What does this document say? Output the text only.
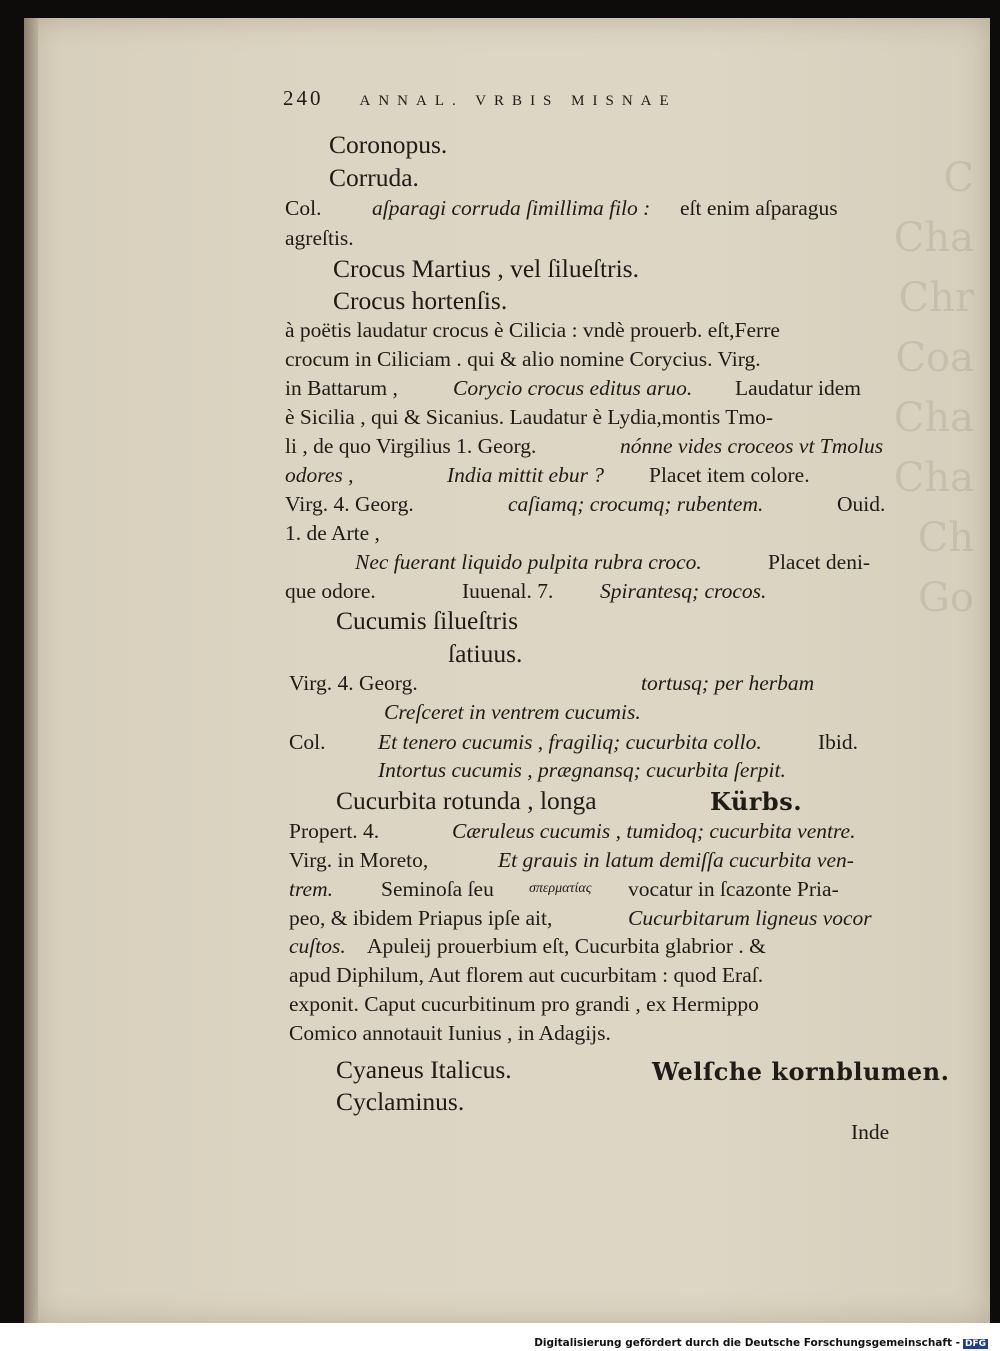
C
Cha
Chr
Coa
Cha
Cha
Ch
Go
240 ANNAL. VRBIS MISNAE
Coronopus.
Corruda.
Col. aſparagi corruda ſimillima filo : eſt enim aſparagus
agreſtis.
Crocus Martius , vel ſilueſtris.
Crocus hortenſis.
à poëtis laudatur crocus è Cilicia : vndè prouerb. eſt,Ferre
crocum in Ciliciam . qui & alio nomine Corycius. Virg.
in Battarum ,	Corycio crocus editus aruo. Laudatur idem
è Sicilia , qui & Sicanius. Laudatur è Lydia,montis Tmo-
li , de quo Virgilius 1. Georg.	nónne vides croceos vt Tmolus
odores ,	India mittit ebur ? Placet item colore.
Virg. 4. Georg.	caſiamq; crocumq; rubentem.	Ouid.
1. de Arte ,
Nec fuerant liquido pulpita rubra croco.	Placet deni-
que odore.	Iuuenal. 7. Spirantesq; crocos.
Cucumis ſilueſtris
ſatiuus.
Virg. 4. Georg.	tortusq; per herbam
Creſceret in ventrem cucumis.
Col. Et tenero cucumis , fragiliq; cucurbita collo.	Ibid.
Intortus cucumis , prægnansq; cucurbita ſerpit.
Cucurbita rotunda , longa	Kürbs.
Propert. 4.	Cæruleus cucumis , tumidoq; cucurbita ventre.
Virg. in Moreto,	Et grauis in latum demiſſa cucurbita ven-
trem. Seminoſa ſeu	σπερματίας vocatur in ſcazonte Pria-
peo, & ibidem Priapus ipſe ait,	Cucurbitarum ligneus vocor
cuſtos. Apuleij prouerbium eſt, Cucurbita glabrior . &
apud Diphilum, Aut florem aut cucurbitam : quod Eraſ.
exponit. Caput cucurbitinum pro grandi , ex Hermippo
Comico annotauit Iunius , in Adagijs.
Cyaneus Italicus.	Welſche kornblumen.
Cyclaminus.
Inde
Digitalisierung gefördert durch die Deutsche Forschungsgemeinschaft - DFG
